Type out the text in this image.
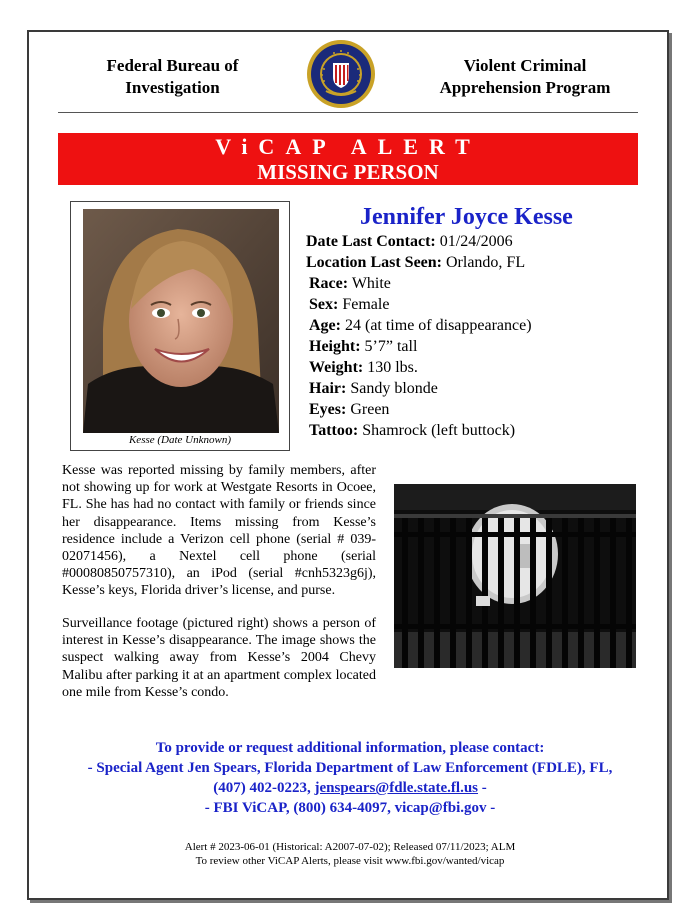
Federal Bureau of
Investigation
Violent Criminal
Apprehension Program
ViCAP ALERT
MISSING PERSON
Kesse (Date Unknown)
Jennifer Joyce Kesse
Date Last Contact: 01/24/2006
Location Last Seen: Orlando, FL
Race: White
Sex: Female
Age: 24 (at time of disappearance)
Height: 5’7” tall
Weight: 130 lbs.
Hair: Sandy blonde
Eyes: Green
Tattoo: Shamrock (left buttock)
Kesse was reported missing by family members, after not showing up for work at Westgate Resorts in Ocoee, FL. She has had no contact with family or friends since her disappearance. Items missing from Kesse’s residence include a Verizon cell phone (serial # 039-02071456), a Nextel cell phone (serial #00080850757310), an iPod (serial #cnh5323g6j), Kesse’s keys, Florida driver’s license, and purse.
Surveillance footage (pictured right) shows a person of interest in Kesse’s disappearance. The image shows the suspect walking away from Kesse’s 2004 Chevy Malibu after parking it at an apartment complex located one mile from Kesse’s condo.
To provide or request additional information, please contact:
- Special Agent Jen Spears, Florida Department of Law Enforcement (FDLE), FL,
(407) 402-0223, jenspears@fdle.state.fl.us -
- FBI ViCAP, (800) 634-4097, vicap@fbi.gov -
Alert # 2023-06-01 (Historical: A2007-07-02); Released 07/11/2023; ALM
To review other ViCAP Alerts, please visit www.fbi.gov/wanted/vicap
